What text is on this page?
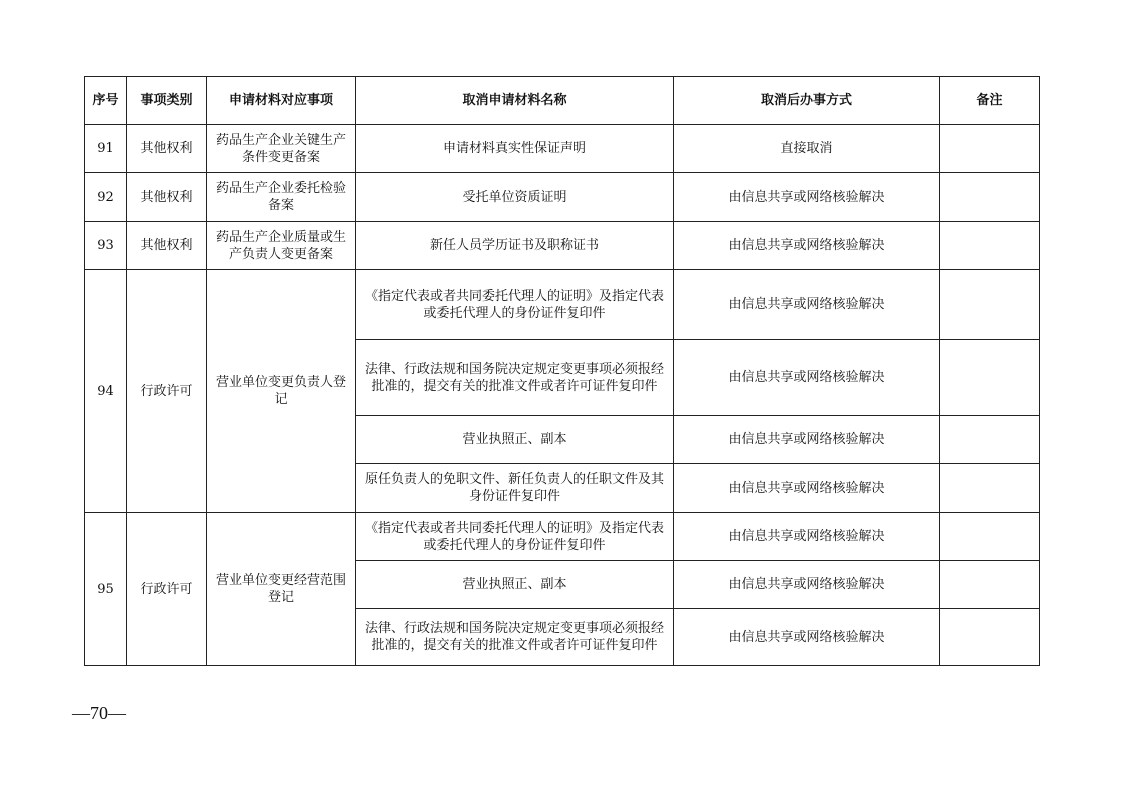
序号	事项类别	申请材料对应事项	取消申请材料名称	取消后办事方式	备注
91	其他权利	药品生产企业关键生产条件变更备案	申请材料真实性保证声明	直接取消	
92	其他权利	药品生产企业委托检验备案	受托单位资质证明	由信息共享或网络核验解决	
93	其他权利	药品生产企业质量或生产负责人变更备案	新任人员学历证书及职称证书	由信息共享或网络核验解决	
94	行政许可	营业单位变更负责人登记	《指定代表或者共同委托代理人的证明》及指定代表或委托代理人的身份证件复印件	由信息共享或网络核验解决	
			法律、行政法规和国务院决定规定变更事项必须报经批准的，提交有关的批准文件或者许可证件复印件	由信息共享或网络核验解决	
			营业执照正、副本	由信息共享或网络核验解决	
			原任负责人的免职文件、新任负责人的任职文件及其身份证件复印件	由信息共享或网络核验解决	
95	行政许可	营业单位变更经营范围登记	《指定代表或者共同委托代理人的证明》及指定代表或委托代理人的身份证件复印件	由信息共享或网络核验解决	
			营业执照正、副本	由信息共享或网络核验解决	
			法律、行政法规和国务院决定规定变更事项必须报经批准的，提交有关的批准文件或者许可证件复印件	由信息共享或网络核验解决	
—70—
